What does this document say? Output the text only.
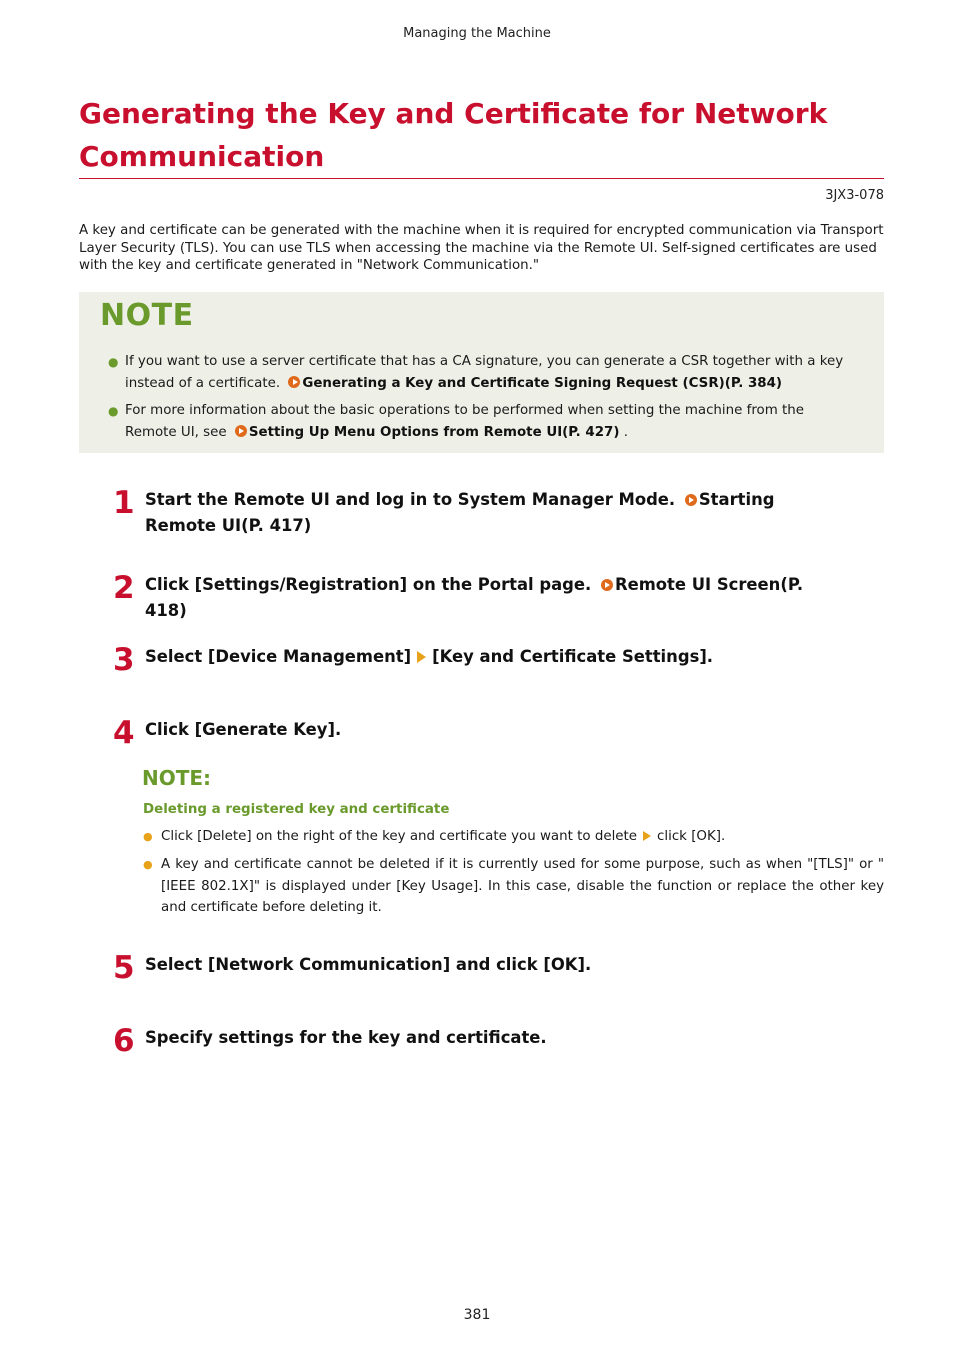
Managing the Machine
Generating the Key and Certificate for Network Communication
3JX3-078
A key and certificate can be generated with the machine when it is required for encrypted communication via Transport Layer Security (TLS). You can use TLS when accessing the machine via the Remote UI. Self-signed certificates are used with the key and certificate generated in "Network Communication."
NOTE
● If you want to use a server certificate that has a CA signature, you can generate a CSR together with a key instead of a certificate. Generating a Key and Certificate Signing Request (CSR)(P. 384)
● For more information about the basic operations to be performed when setting the machine from the Remote UI, see Setting Up Menu Options from Remote UI(P. 427) .
1 Start the Remote UI and log in to System Manager Mode. Starting Remote UI(P. 417)
2 Click [Settings/Registration] on the Portal page. Remote UI Screen(P. 418)
3 Select [Device Management] [Key and Certificate Settings].
4 Click [Generate Key].
NOTE:
Deleting a registered key and certificate
● Click [Delete] on the right of the key and certificate you want to delete click [OK].
● A key and certificate cannot be deleted if it is currently used for some purpose, such as when "[TLS]" or "[IEEE 802.1X]" is displayed under [Key Usage]. In this case, disable the function or replace the other key and certificate before deleting it.
5 Select [Network Communication] and click [OK].
6 Specify settings for the key and certificate.
381
